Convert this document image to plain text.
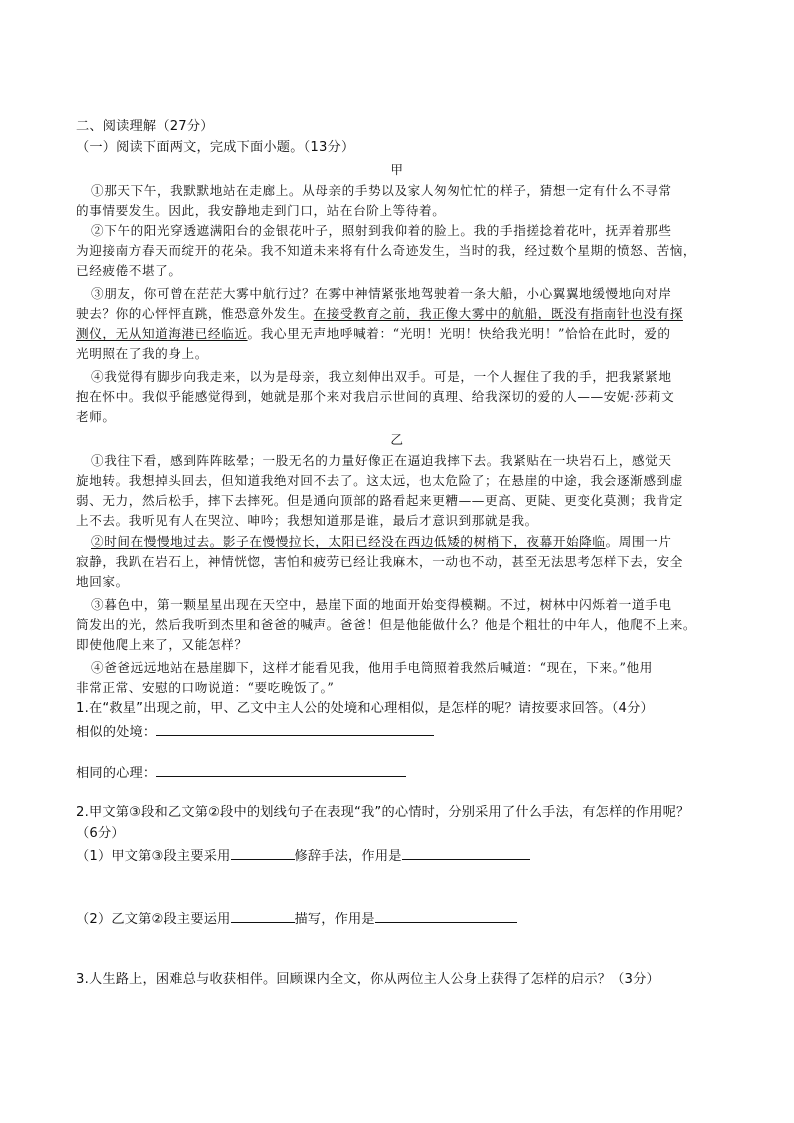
二、阅读理解（27分）
（一）阅读下面两文，完成下面小题。（13分）
甲
①那天下午，我默默地站在走廊上。从母亲的手势以及家人匆匆忙忙的样子，猜想一定有什么不寻常
的事情要发生。因此，我安静地走到门口，站在台阶上等待着。
②下午的阳光穿透遮满阳台的金银花叶子，照射到我仰着的脸上。我的手指搓捻着花叶，抚弄着那些
为迎接南方春天而绽开的花朵。我不知道未来将有什么奇迹发生，当时的我，经过数个星期的愤怒、苦恼，
已经疲倦不堪了。
③朋友，你可曾在茫茫大雾中航行过？在雾中神情紧张地驾驶着一条大船，小心翼翼地缓慢地向对岸
驶去？你的心怦怦直跳，惟恐意外发生。在接受教育之前，我正像大雾中的航船，既没有指南针也没有探
测仪，无从知道海港已经临近。我心里无声地呼喊着：“光明！光明！快给我光明！”恰恰在此时，爱的
光明照在了我的身上。
④我觉得有脚步向我走来，以为是母亲，我立刻伸出双手。可是，一个人握住了我的手，把我紧紧地
抱在怀中。我似乎能感觉得到，她就是那个来对我启示世间的真理、给我深切的爱的人——安妮·莎莉文
老师。
乙
①我往下看，感到阵阵眩晕；一股无名的力量好像正在逼迫我摔下去。我紧贴在一块岩石上，感觉天
旋地转。我想掉头回去，但知道我绝对回不去了。这太远，也太危险了；在悬崖的中途，我会逐渐感到虚
弱、无力，然后松手，摔下去摔死。但是通向顶部的路看起来更糟——更高、更陡、更变化莫测；我肯定
上不去。我听见有人在哭泣、呻吟；我想知道那是谁，最后才意识到那就是我。
②时间在慢慢地过去。影子在慢慢拉长，太阳已经没在西边低矮的树梢下，夜幕开始降临。周围一片
寂静，我趴在岩石上，神情恍惚，害怕和疲劳已经让我麻木，一动也不动，甚至无法思考怎样下去，安全
地回家。
③暮色中，第一颗星星出现在天空中，悬崖下面的地面开始变得模糊。不过，树林中闪烁着一道手电
筒发出的光，然后我听到杰里和爸爸的喊声。爸爸！但是他能做什么？他是个粗壮的中年人，他爬不上来。
即使他爬上来了，又能怎样？
④爸爸远远地站在悬崖脚下，这样才能看见我，他用手电筒照着我然后喊道：“现在，下来。”他用
非常正常、安慰的口吻说道：“要吃晚饭了。”
1.在“救星”出现之前，甲、乙文中主人公的处境和心理相似，是怎样的呢？请按要求回答。（4分）
相似的处境：
相同的心理：
2.甲文第③段和乙文第②段中的划线句子在表现“我”的心情时，分别采用了什么手法，有怎样的作用呢？
（6分）
（1）甲文第③段主要采用	修辞手法，作用是
（2）乙文第②段主要运用	描写，作用是
3.人生路上，困难总与收获相伴。回顾课内全文，你从两位主人公身上获得了怎样的启示？（3分）
